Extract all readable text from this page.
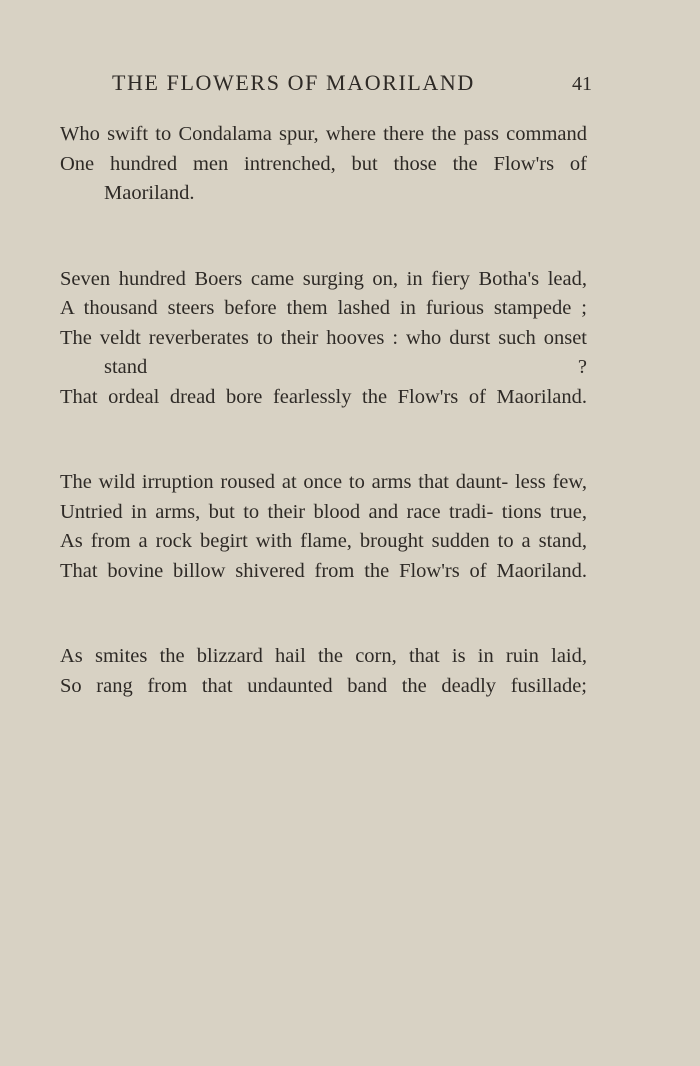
THE FLOWERS OF MAORILAND	41
Who swift to Condalama spur, where there the pass command
One hundred men intrenched, but those the Flow'rs of Maoriland.
Seven hundred Boers came surging on, in fiery Botha's lead,
A thousand steers before them lashed in furious stampede ;
The veldt reverberates to their hooves : who durst such onset stand ?
That ordeal dread bore fearlessly the Flow'rs of Maoriland.
The wild irruption roused at once to arms that daunt- less few,
Untried in arms, but to their blood and race tradi- tions true,
As from a rock begirt with flame, brought sudden to a stand,
That bovine billow shivered from the Flow'rs of Maoriland.
As smites the blizzard hail the corn, that is in ruin laid,
So rang from that undaunted band the deadly fusillade;
